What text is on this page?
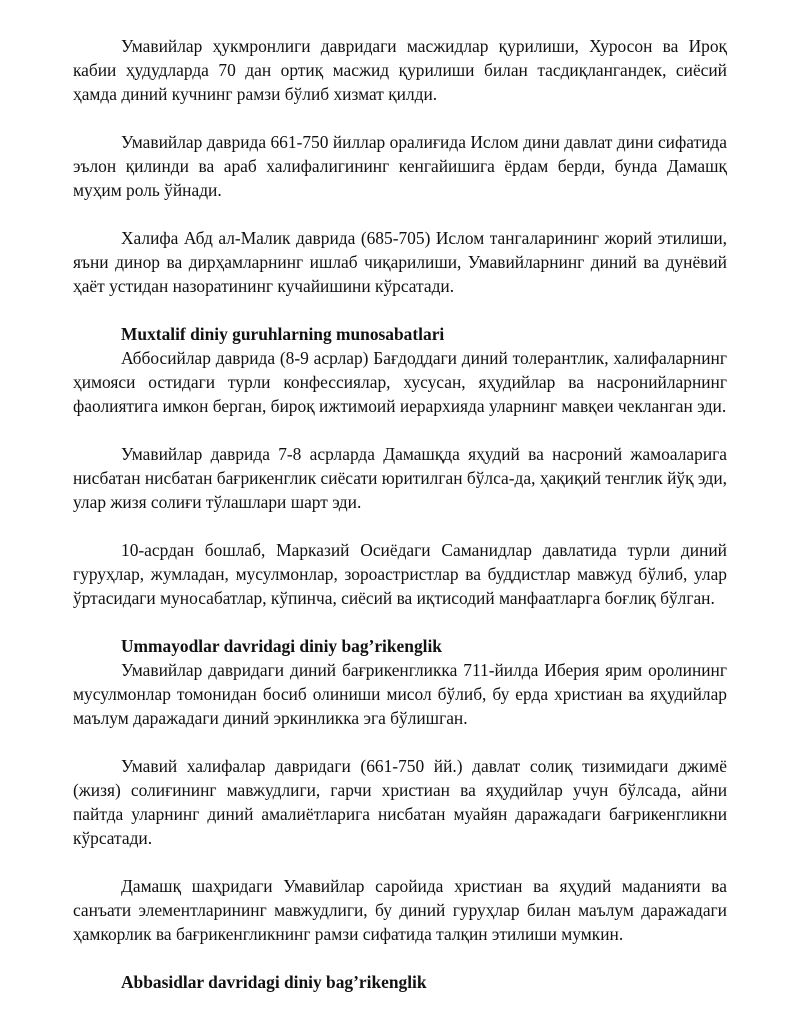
Умавийлар ҳукмронлиги давридаги масжидлар қурилиши, Хуросон ва Ироқ кабии ҳудудларда 70 дан ортиқ масжид қурилиши билан тасдиқлангандек, сиёсий ҳамда диний кучнинг рамзи бўлиб хизмат қилди.

Умавийлар даврида 661-750 йиллар оралиғида Ислом дини давлат дини сифатида эълон қилинди ва араб халифалигининг кенгайишига ёрдам берди, бунда Дамашқ муҳим роль ўйнади.

Халифа Абд ал-Малик даврида (685-705) Ислом тангаларининг жорий этилиши, яъни динор ва дирҳамларнинг ишлаб чиқарилиши, Умавийларнинг диний ва дунёвий ҳаёт устидан назоратининг кучайишини кўрсатади.

Muxtalif diniy guruhlarning munosabatlari

Аббосийлар даврида (8-9 асрлар) Бағдоддаги диний толерантлик, халифаларнинг ҳимояси остидаги турли конфессиялар, хусусан, яҳудийлар ва насронийларнинг фаолиятига имкон берган, бироқ ижтимоий иерархияда уларнинг мавқеи чекланган эди.

Умавийлар даврида 7-8 асрларда Дамашқда яҳудий ва насроний жамоаларига нисбатан нисбатан бағрикенглик сиёсати юритилган бўлса-да, ҳақиқий тенглик йўқ эди, улар жизя солиғи тўлашлари шарт эди.

10-асрдан бошлаб, Марказий Осиёдаги Саманидлар давлатида турли диний гуруҳлар, жумладан, мусулмонлар, зороастристлар ва буддистлар мавжуд бўлиб, улар ўртасидаги муносабатлар, кўпинча, сиёсий ва иқтисодий манфаатларга боғлиқ бўлган.

Ummayodlar davridagi diniy bag’rikenglik

Умавийлар давридаги диний бағрикенгликка 711-йилда Иберия ярим оролининг мусулмонлар томонидан босиб олиниши мисол бўлиб, бу ерда христиан ва яҳудийлар маълум даражадаги диний эркинликка эга бўлишган.

Умавий халифалар давридаги (661-750 йй.) давлат солиқ тизимидаги джимё (жизя) солиғининг мавжудлиги, гарчи христиан ва яҳудийлар учун бўлсада, айни пайтда уларнинг диний амалиётларига нисбатан муайян даражадаги бағрикенгликни кўрсатади.

Дамашқ шаҳридаги Умавийлар саройида христиан ва яҳудий маданияти ва санъати элементларининг мавжудлиги, бу диний гуруҳлар билан маълум даражадаги ҳамкорлик ва бағрикенгликнинг рамзи сифатида талқин этилиши мумкин.

Abbasidlar davridagi diniy bag’rikenglik
